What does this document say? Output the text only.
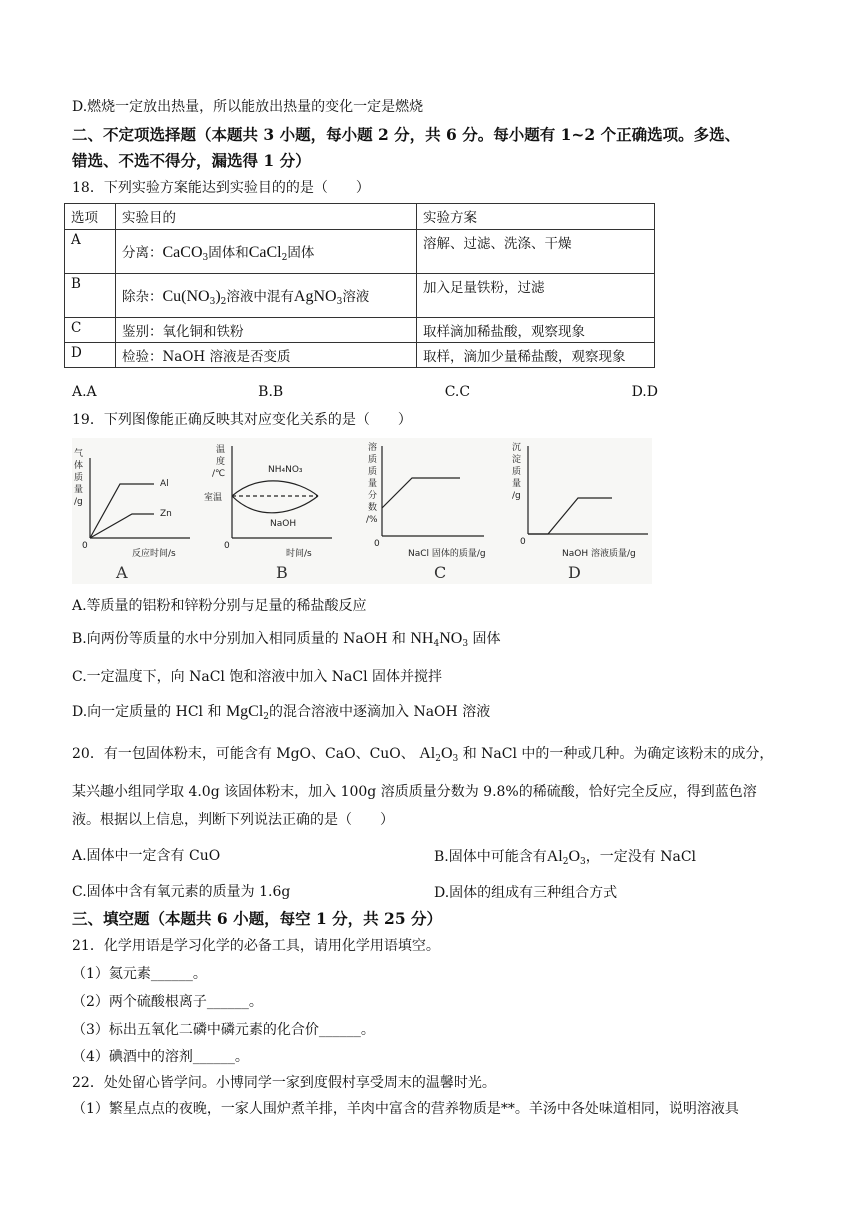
D.燃烧一定放出热量，所以能放出热量的变化一定是燃烧
二、不定项选择题（本题共 3 小题，每小题 2 分，共 6 分。每小题有 1~2 个正确选项。多选、
错选、不选不得分，漏选得 1 分）
18．下列实验方案能达到实验目的的是（　　）
选项	实验目的	实验方案
A	分离：CaCO$_3$固体和CaCl$_2$固体	溶解、过滤、洗涤、干燥
B	除杂：$Cu(NO_3)_2$溶液中混有AgNO$_3$溶液	加入足量铁粉，过滤
C	鉴别：氧化铜和铁粉	取样滴加稀盐酸，观察现象
D	检验：NaOH 溶液是否变质	取样，滴加少量稀盐酸，观察现象
A.A	B.B	C.C	D.D
19．下列图像能正确反映其对应变化关系的是（　　）
气
体
质
量
/g
Al
Zn
0
反应时间/s
A
温
度
/℃
室温
NH₄NO₃
NaOH
0
时间/s
B
溶
质
质
量
分
数
/%
0
NaCl 固体的质量/g
C
沉
淀
质
量
/g
0
NaOH 溶液质量/g
D
A.等质量的铝粉和锌粉分别与足量的稀盐酸反应
B.向两份等质量的水中分别加入相同质量的 NaOH 和 $NH_4NO_3$ 固体
C.一定温度下，向 NaCl 饱和溶液中加入 NaCl 固体并搅拌
D.向一定质量的 HCl 和 MgCl$_2$的混合溶液中逐滴加入 NaOH 溶液
20．有一包固体粉末，可能含有 MgO、CaO、CuO、 $Al_2O_3$ 和 NaCl 中的一种或几种。为确定该粉末的成分，
某兴趣小组同学取 4.0g 该固体粉末，加入 100g 溶质质量分数为 9.8%的稀硫酸，恰好完全反应，得到蓝色溶
液。根据以上信息，判断下列说法正确的是（　　）
A.固体中一定含有 CuO	B.固体中可能含有$Al_2O_3$，一定没有 NaCl
C.固体中含有氧元素的质量为 1.6g	D.固体的组成有三种组合方式
三、填空题（本题共 6 小题，每空 1 分，共 25 分）
21．化学用语是学习化学的必备工具，请用化学用语填空。
（1）氦元素______。
（2）两个硫酸根离子______。
（3）标出五氧化二磷中磷元素的化合价______。
（4）碘酒中的溶剂______。
22．处处留心皆学问。小博同学一家到度假村享受周末的温馨时光。
（1）繁星点点的夜晚，一家人围炉煮羊排，羊肉中富含的营养物质是**。羊汤中各处味道相同，说明溶液具
